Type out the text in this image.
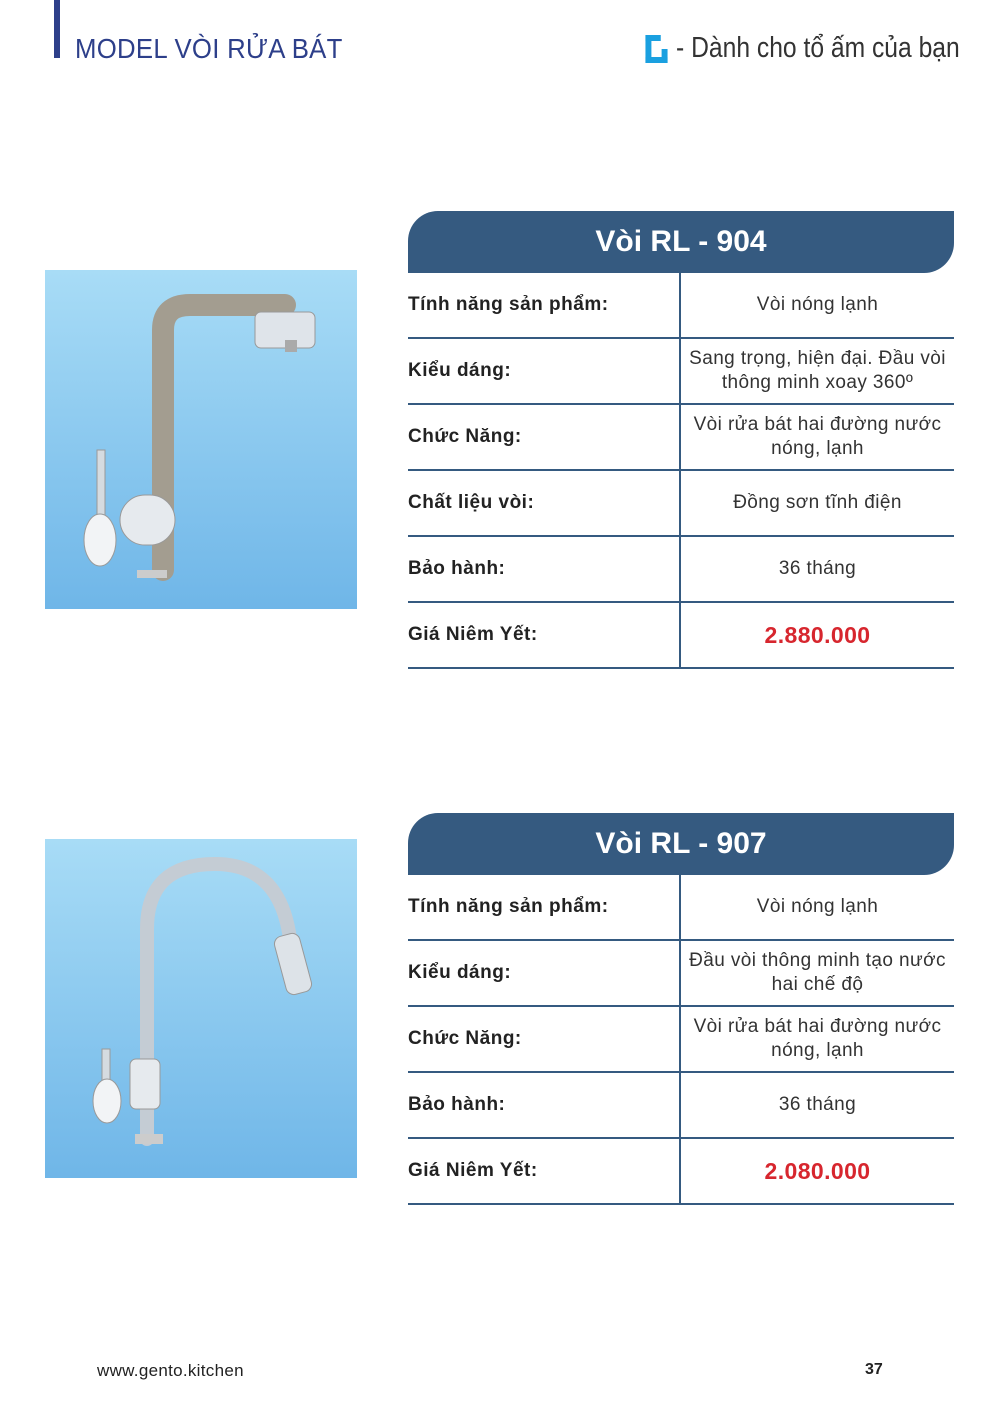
MODEL VÒI RỬA BÁT	- Dành cho tổ ấm của bạn
Vòi RL - 904
Tính năng sản phẩm:	Vòi nóng lạnh
Kiểu dáng:
Sang trọng, hiện đại. Đầu vòi thông minh xoay 360º
Chức Năng:
Vòi rửa bát hai đường nước nóng, lạnh
Chất liệu vòi:	Đồng sơn tĩnh điện
Bảo hành:	36 tháng
Giá Niêm Yết:	2.880.000
Vòi RL - 907
Tính năng sản phẩm:	Vòi nóng lạnh
Kiểu dáng:
Đầu vòi thông minh tạo nước hai chế độ
Chức Năng:
Vòi rửa bát hai đường nước nóng, lạnh
Bảo hành:	36 tháng
Giá Niêm Yết:	2.080.000
www.gento.kitchen	37
